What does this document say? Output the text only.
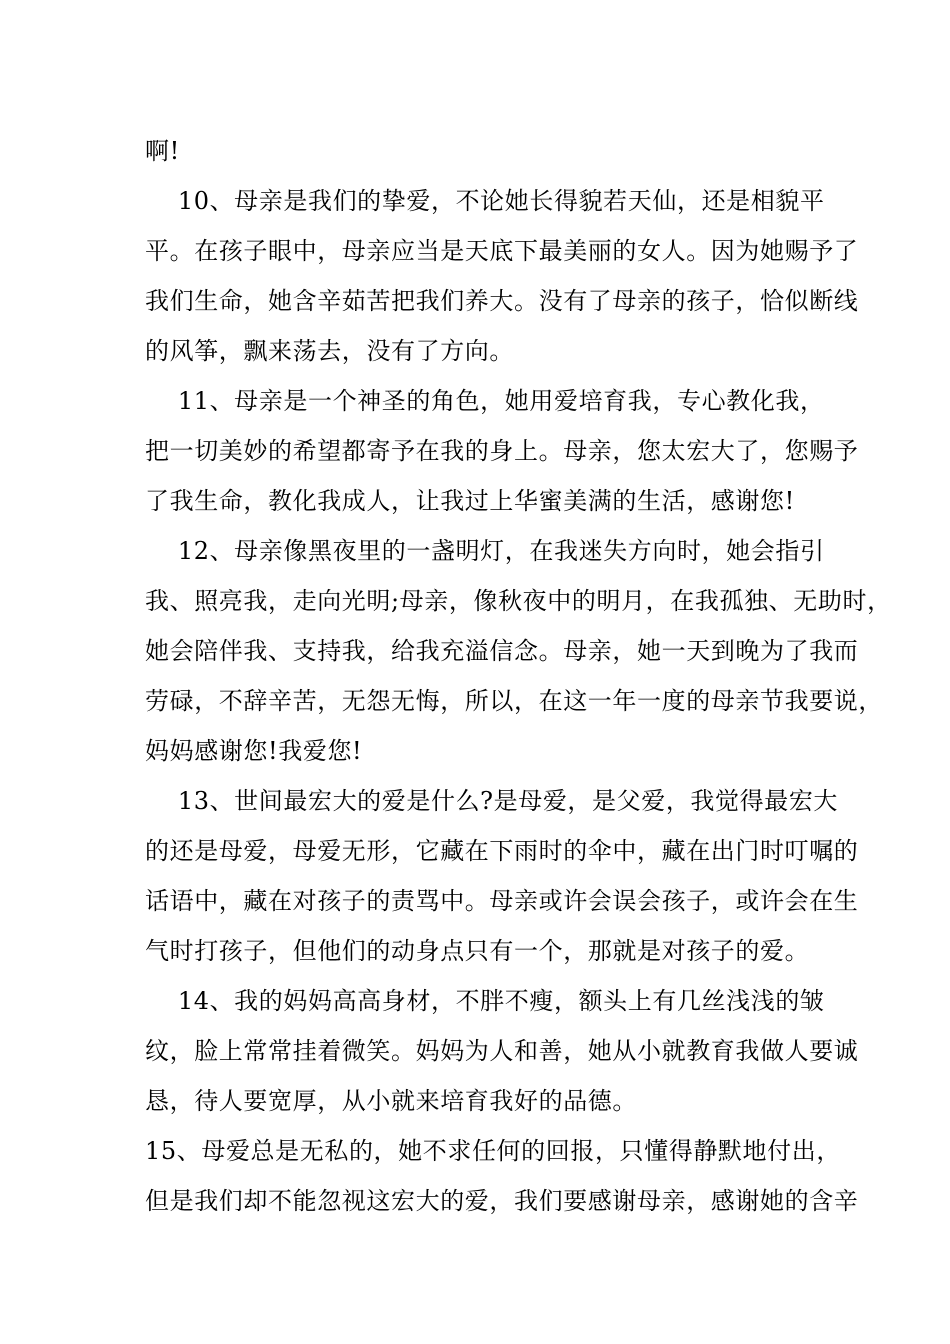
啊!
　 10、母亲是我们的挚爱，不论她长得貌若天仙，还是相貌平
平。在孩子眼中，母亲应当是天底下最美丽的女人。因为她赐予了
我们生命，她含辛茹苦把我们养大。没有了母亲的孩子，恰似断线
的风筝，飘来荡去，没有了方向。
　 11、母亲是一个神圣的角色，她用爱培育我，专心教化我，
把一切美妙的希望都寄予在我的身上。母亲，您太宏大了，您赐予
了我生命，教化我成人，让我过上华蜜美满的生活，感谢您!
　 12、母亲像黑夜里的一盏明灯，在我迷失方向时，她会指引
我、照亮我，走向光明;母亲，像秋夜中的明月，在我孤独、无助时，
她会陪伴我、支持我，给我充溢信念。母亲，她一天到晚为了我而
劳碌，不辞辛苦，无怨无悔，所以，在这一年一度的母亲节我要说，
妈妈感谢您!我爱您!
　 13、世间最宏大的爱是什么?是母爱，是父爱，我觉得最宏大
的还是母爱，母爱无形，它藏在下雨时的伞中，藏在出门时叮嘱的
话语中，藏在对孩子的责骂中。母亲或许会误会孩子，或许会在生
气时打孩子，但他们的动身点只有一个，那就是对孩子的爱。
　 14、我的妈妈高高身材，不胖不瘦，额头上有几丝浅浅的皱
纹，脸上常常挂着微笑。妈妈为人和善，她从小就教育我做人要诚
恳，待人要宽厚，从小就来培育我好的品德。
15、母爱总是无私的，她不求任何的回报，只懂得静默地付出，
但是我们却不能忽视这宏大的爱，我们要感谢母亲，感谢她的含辛
